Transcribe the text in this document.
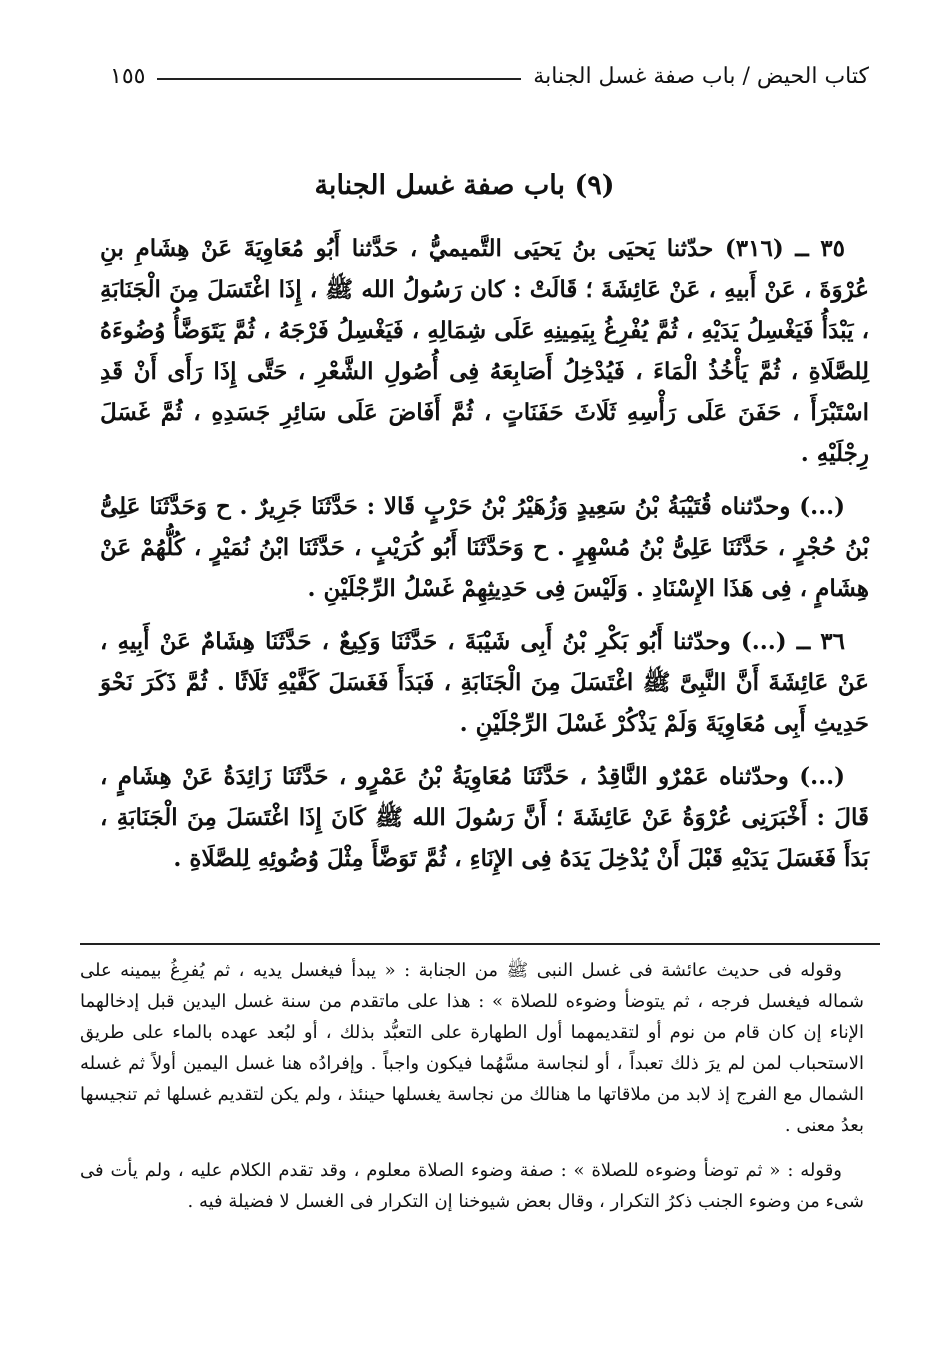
كتاب الحيض / باب صفة غسل الجنابة
١٥٥
(٩) باب صفة غسل الجنابة

٣٥ ــ (٣١٦) حدّثنا يَحيَى بنُ يَحيَى التَّميميُّ ، حَدَّثنا أَبُو مُعَاوِيَةَ عَنْ هِشَامِ بنِ عُرْوَةَ ، عَنْ أَبيهِ ، عَنْ عَائِشَةَ ؛ قَالَتْ : كان رَسُولُ الله ﷺ ، إِذَا اغْتَسَلَ مِنَ الْجَنَابَةِ ، يَبْدَأُ فَيَغْسِلُ يَدَيْهِ ، ثُمَّ يُفْرِغُ بِيَمِينِهِ عَلَى شِمَالِهِ ، فَيَغْسِلُ فَرْجَهُ ، ثُمَّ يَتَوَضَّأُ وُضُوءَهُ لِلصَّلَاةِ ، ثُمَّ يَأْخُذُ الْمَاءَ ، فَيُدْخِلُ أَصَابِعَهُ فِى أُصُولِ الشَّعْرِ ، حَتَّى إِذَا رَأَى أَنْ قَدِ اسْتَبْرَأَ ، حَفَنَ عَلَى رَأْسِهِ ثَلَاثَ حَفَنَاتٍ ، ثُمَّ أَفَاضَ عَلَى سَائِرِ جَسَدِهِ ، ثُمَّ غَسَلَ رِجْلَيْهِ .

(...) وحدّثناه قُتَيْبَةُ بْنُ سَعِيدٍ وَزُهَيْرُ بْنُ حَرْبٍ قَالا : حَدَّثَنَا جَرِيرٌ . ح وَحَدَّثَنَا عَلِىُّ بْنُ حُجْرٍ ، حَدَّثَنَا عَلِىُّ بْنُ مُسْهِرٍ . ح وَحَدَّثَنَا أَبُو كُرَيْبٍ ، حَدَّثَنَا ابْنُ نُمَيْرٍ ، كُلُّهُمْ عَنْ هِشَامٍ ، فِى هَذَا الإِسْنَادِ . وَلَيْسَ فِى حَدِيثِهِمْ غَسْلُ الرِّجْلَيْنِ .

٣٦ ــ (...) وحدّثنا أَبُو بَكْرِ بْنُ أَبِى شَيْبَةَ ، حَدَّثَنَا وَكِيعٌ ، حَدَّثَنَا هِشَامٌ عَنْ أَبِيهِ ، عَنْ عَائِشَةَ أَنَّ النَّبِىَّ ﷺ اغْتَسَلَ مِنَ الْجَنَابَةِ ، فَبَدَأَ فَغَسَلَ كَفَّيْهِ ثَلَاثًا . ثُمَّ ذَكَرَ نَحْوَ حَدِيثِ أَبِى مُعَاوِيَةَ وَلَمْ يَذْكُرْ غَسْلَ الرِّجْلَيْنِ .

(...) وحدّثناه عَمْرٌو النَّاقِدُ ، حَدَّثَنَا مُعَاوِيَةُ بْنُ عَمْرٍو ، حَدَّثَنَا زَائِدَةُ عَنْ هِشَامٍ ، قَالَ : أَخْبَرَنِى عُرْوَةُ عَنْ عَائِشَةَ ؛ أَنَّ رَسُولَ الله ﷺ كَانَ إِذَا اغْتَسَلَ مِنَ الْجَنَابَةِ ، بَدَأَ فَغَسَلَ يَدَيْهِ قَبْلَ أَنْ يُدْخِلَ يَدَهُ فِى الإِنَاءِ ، ثُمَّ تَوَضَّأَ مِثْلَ وُضُوئِهِ لِلصَّلَاةِ .

وقوله فى حديث عائشة فى غسل النبى ﷺ من الجنابة : « يبدأ فيغسل يديه ، ثم يُفرِغُ بيمينه على شماله فيغسل فرجه ، ثم يتوضأ وضوءه للصلاة » : هذا على ماتقدم من سنة غسل اليدين قبل إدخالهما الإناء إن كان قام من نوم أو لتقديمهما أول الطهارة على التعبُّد بذلك ، أو لبُعد عهده بالماء على طريق الاستحباب لمن لم يرَ ذلك تعبداً ، أو لنجاسة مسَّهُما فيكون واجباً . وإفرادُه هنا غسل اليمين أولاً ثم غسله الشمال مع الفرج إذ لابد من ملاقاتها ما هنالك من نجاسة يغسلها حينئذ ، ولم يكن لتقديم غسلها ثم تنجيسها بعدُ معنى .

وقوله : « ثم توضأ وضوءه للصلاة » : صفة وضوء الصلاة معلوم ، وقد تقدم الكلام عليه ، ولم يأت فى شىء من وضوء الجنب ذكرُ التكرار ، وقال بعض شيوخنا إن التكرار فى الغسل لا فضيلة فيه .
